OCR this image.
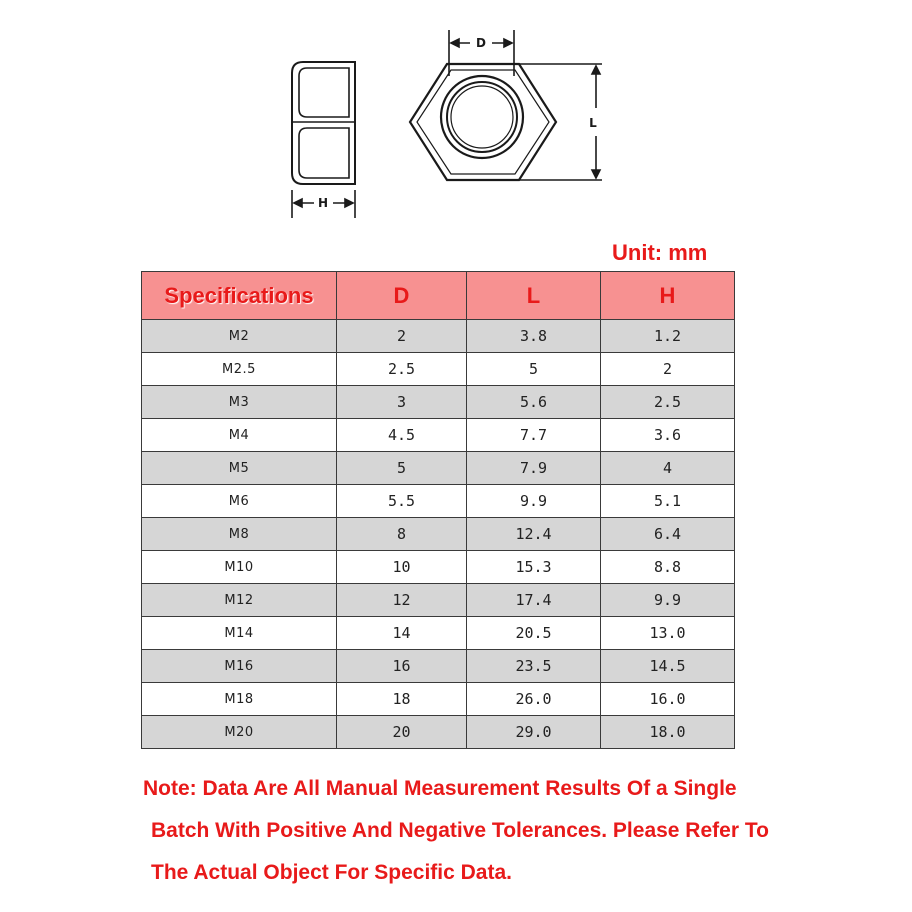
D
L
H
Unit: mm
Specifications	D	L	H
M2	2	3.8	1.2
M2.5	2.5	5	2
M3	3	5.6	2.5
M4	4.5	7.7	3.6
M5	5	7.9	4
M6	5.5	9.9	5.1
M8	8	12.4	6.4
M10	10	15.3	8.8
M12	12	17.4	9.9
M14	14	20.5	13.0
M16	16	23.5	14.5
M18	18	26.0	16.0
M20	20	29.0	18.0

Note: Data Are All Manual Measurement Results Of a Single

Batch With Positive And Negative Tolerances. Please Refer To

The Actual Object For Specific Data.
